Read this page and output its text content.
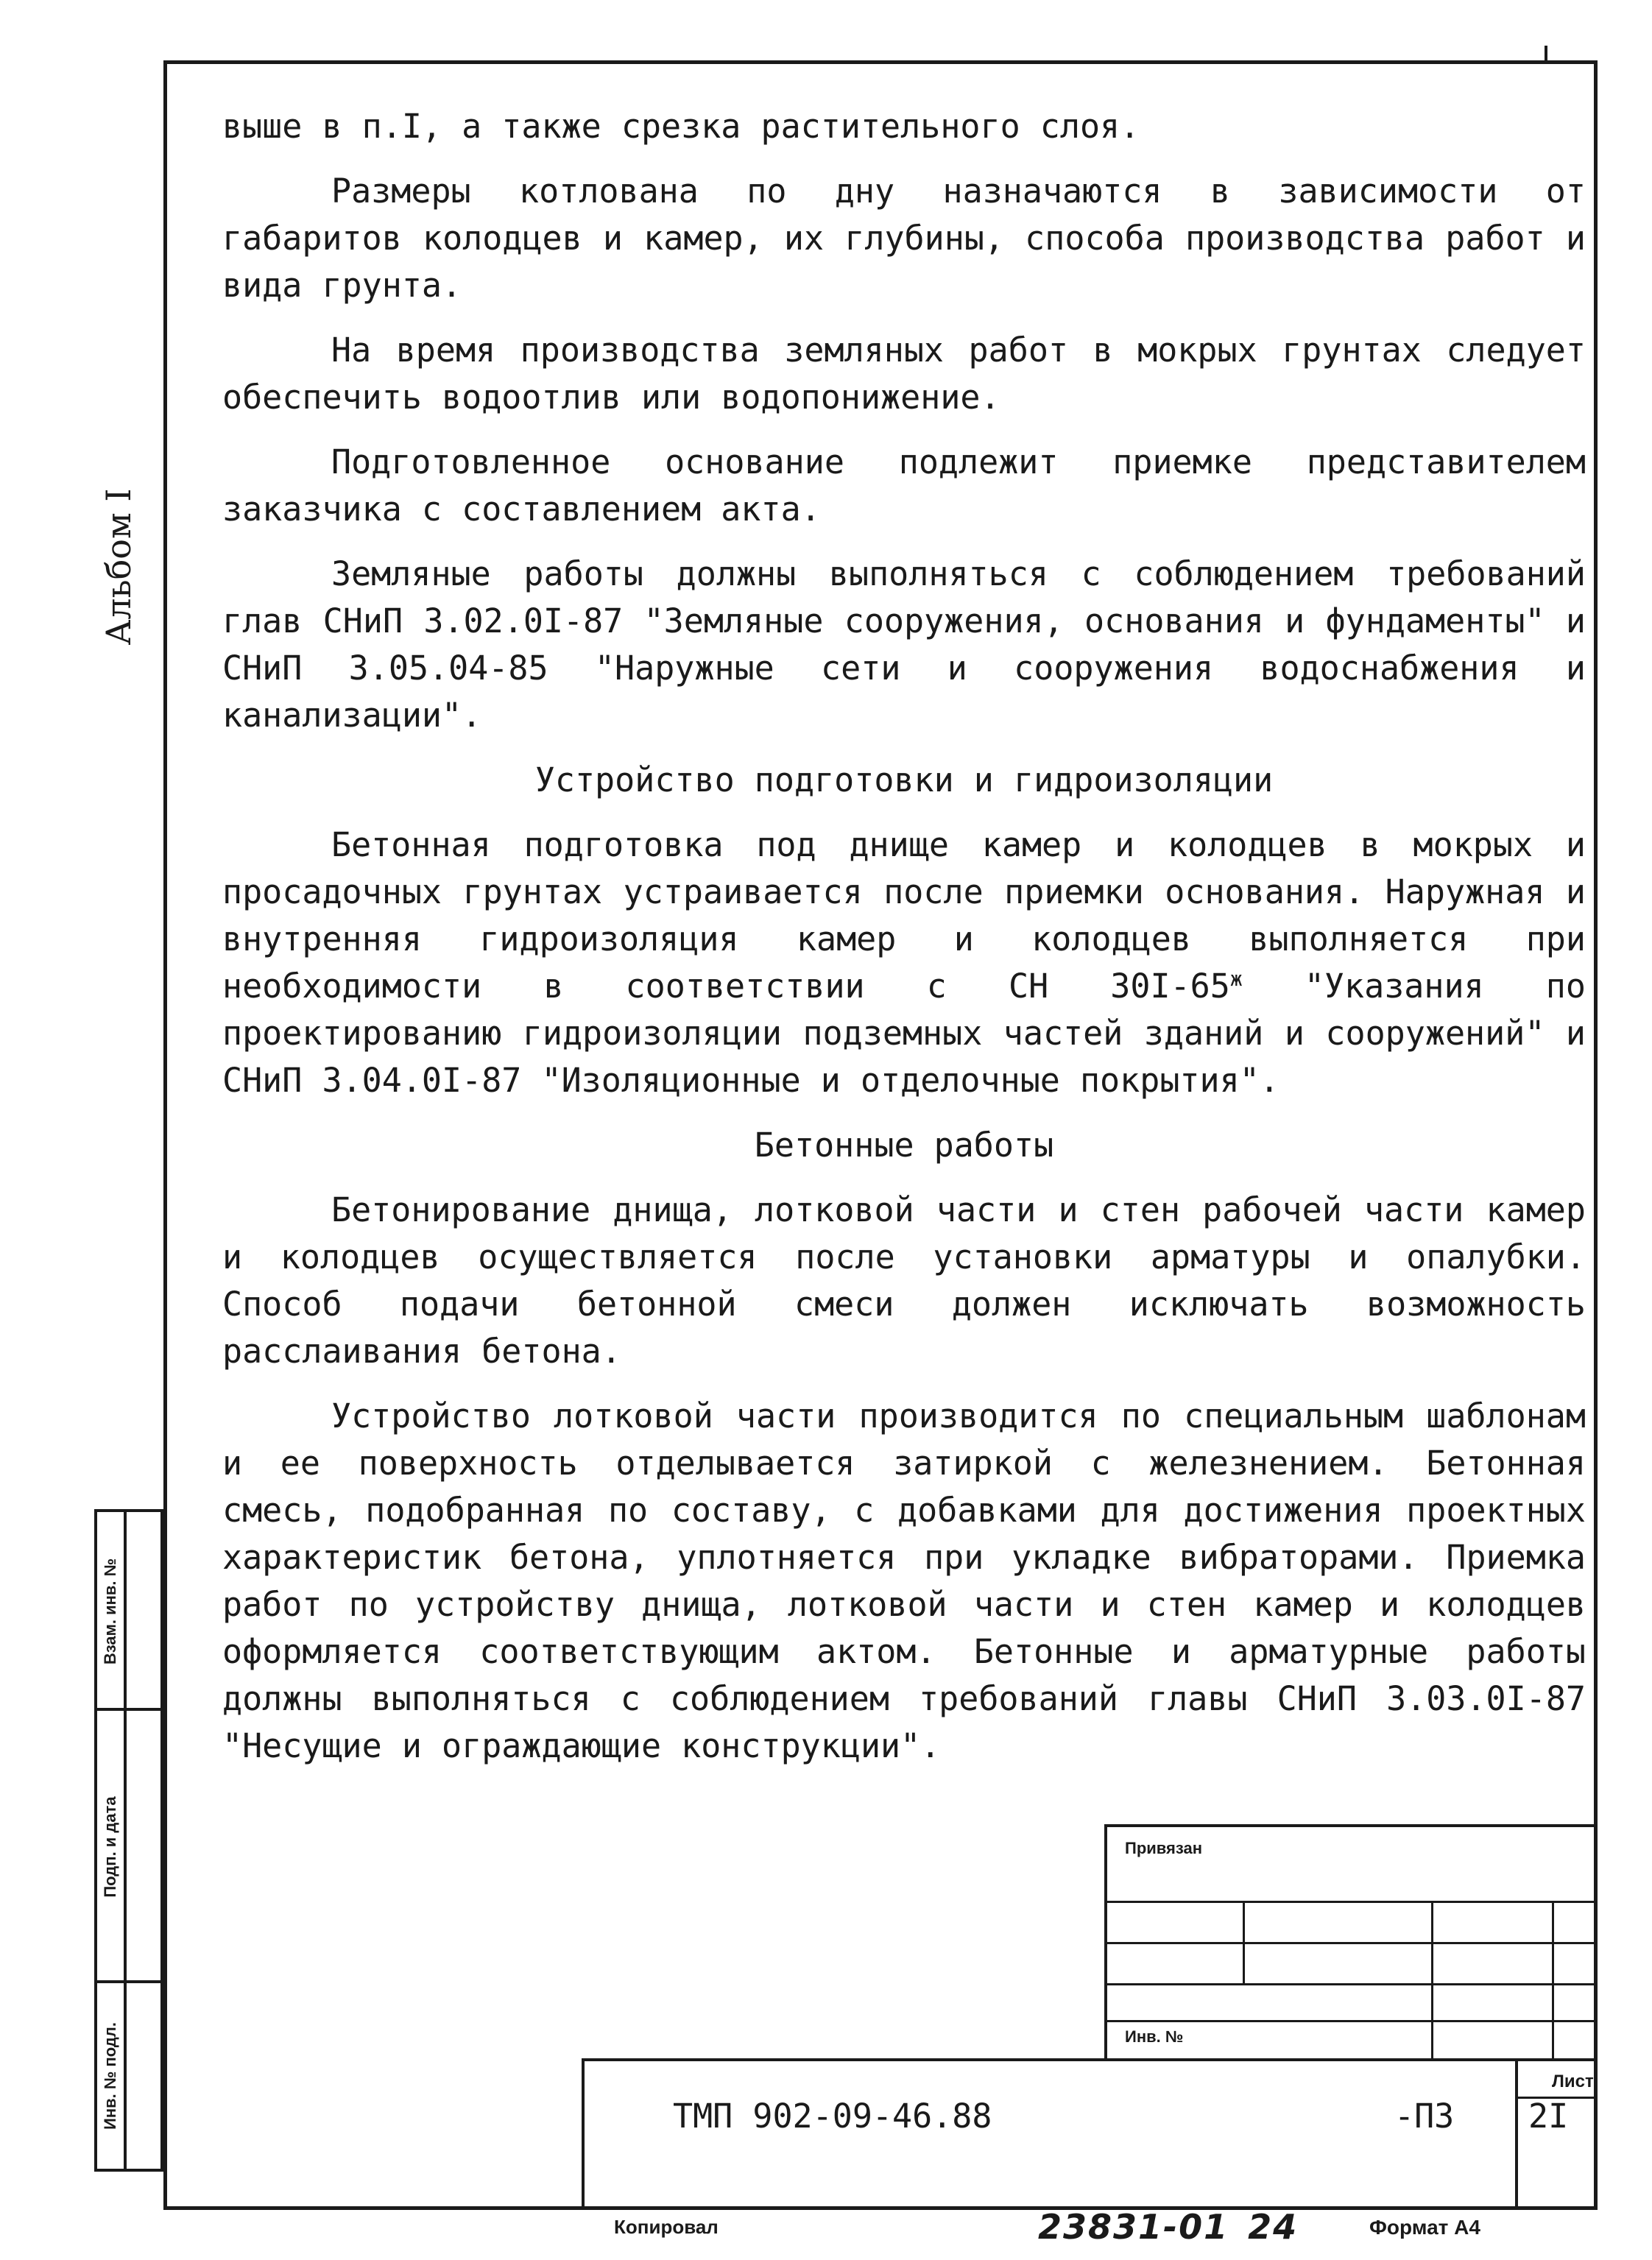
Альбом I
Взам. инв. №
Подп. и дата
Инв. № подл.

выше в п.I, а также срезка растительного слоя.

Размеры котлована по дну назначаются в зависимости от габаритов колодцев и камер, их глубины, способа производства работ и вида грунта.

На время производства земляных работ в мокрых грунтах следует обеспечить водоотлив или водопонижение.

Подготовленное основание подлежит приемке представителем заказчика с составлением акта.

Земляные работы должны выполняться с соблюдением требований глав СНиП 3.02.0I-87 "Земляные сооружения, основания и фундаменты" и СНиП 3.05.04-85 "Наружные сети и сооружения водоснабжения и канализации".

Устройство подготовки и гидроизоляции

Бетонная подготовка под днище камер и колодцев в мокрых и просадочных грунтах устраивается после приемки основания. Наружная и внутренняя гидроизоляция камер и колодцев выполняется при необходимости в соответствии с СН $30I-65^ж$ "Указания по проектированию гидроизоляции подземных частей зданий и сооружений" и СНиП 3.04.0I-87 "Изоляционные и отделочные покрытия".

Бетонные работы

Бетонирование днища, лотковой части и стен рабочей части камер и колодцев осуществляется после установки арматуры и опалубки. Способ подачи бетонной смеси должен исключать возможность расслаивания бетона.

Устройство лотковой части производится по специальным шаблонам и ее поверхность отделывается затиркой с железнением. Бетонная смесь, подобранная по составу, с добавками для достижения проектных характеристик бетона, уплотняется при укладке вибраторами. Приемка работ по устройству днища, лотковой части и стен камер и колодцев оформляется соответствующим актом. Бетонные и арматурные работы должны выполняться с соблюдением требований главы СНиП 3.03.0I-87 "Несущие и ограждающие конструкции".

Привязан
Инв. №
Лист
ТМП 902-09-46.88	-ПЗ 2I
Копировал	23831-01 24	Формат А4
